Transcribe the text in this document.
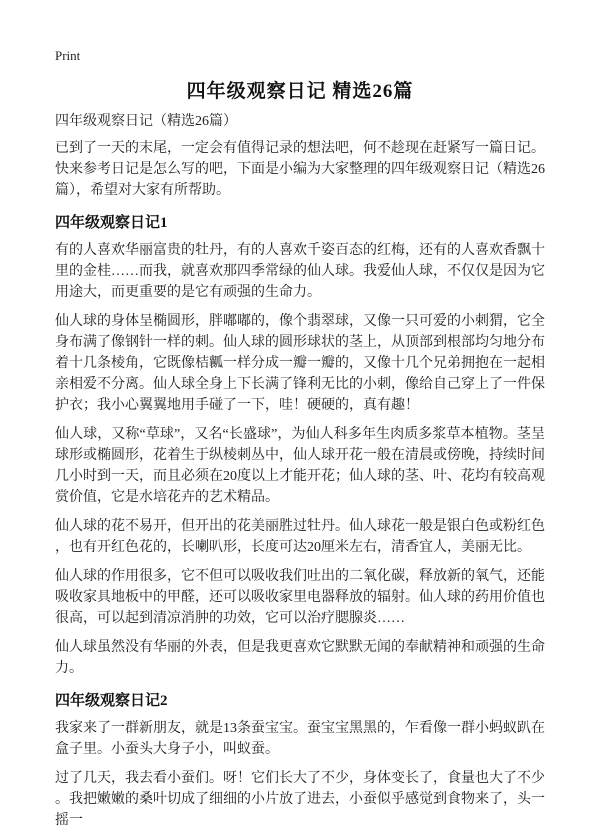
Print
四年级观察日记 精选26篇

四年级观察日记（精选26篇）

已到了一天的末尾，一定会有值得记录的想法吧，何不趁现在赶紧写一篇日记。快来参考日记是怎么写的吧，下面是小编为大家整理的四年级观察日记（精选26篇），希望对大家有所帮助。

四年级观察日记1

有的人喜欢华丽富贵的牡丹，有的人喜欢千姿百态的红梅，还有的人喜欢香飘十里的金桂……而我，就喜欢那四季常绿的仙人球。我爱仙人球，不仅仅是因为它用途大，而更重要的是它有顽强的生命力。

仙人球的身体呈椭圆形，胖嘟嘟的，像个翡翠球，又像一只可爱的小刺猬，它全身布满了像钢针一样的刺。仙人球的圆形球状的茎上，从顶部到根部均匀地分布着十几条棱角，它既像桔瓤一样分成一瓣一瓣的，又像十几个兄弟拥抱在一起相亲相爱不分离。仙人球全身上下长满了锋利无比的小刺，像给自己穿上了一件保护衣；我小心翼翼地用手碰了一下，哇！硬硬的，真有趣！

仙人球，又称“草球”，又名“长盛球”，为仙人科多年生肉质多浆草本植物。茎呈球形或椭圆形，花着生于纵棱刺丛中，仙人球开花一般在清晨或傍晚，持续时间几小时到一天，而且必须在20度以上才能开花；仙人球的茎、叶、花均有较高观赏价值，它是水培花卉的艺术精品。

仙人球的花不易开，但开出的花美丽胜过牡丹。仙人球花一般是银白色或粉红色，也有开红色花的，长喇叭形，长度可达20厘米左右，清香宜人，美丽无比。

仙人球的作用很多，它不但可以吸收我们吐出的二氧化碳，释放新的氧气，还能吸收家具地板中的甲醛，还可以吸收家里电器释放的辐射。仙人球的药用价值也很高，可以起到清凉消肿的功效，它可以治疗腮腺炎……

仙人球虽然没有华丽的外表，但是我更喜欢它默默无闻的奉献精神和顽强的生命力。

四年级观察日记2

我家来了一群新朋友，就是13条蚕宝宝。蚕宝宝黑黑的，乍看像一群小蚂蚁趴在盒子里。小蚕头大身子小，叫蚁蚕。

过了几天，我去看小蚕们。呀！它们长大了不少，身体变长了，食量也大了不少。我把嫩嫩的桑叶切成了细细的小片放了进去，小蚕似乎感觉到食物来了，头一摇一
